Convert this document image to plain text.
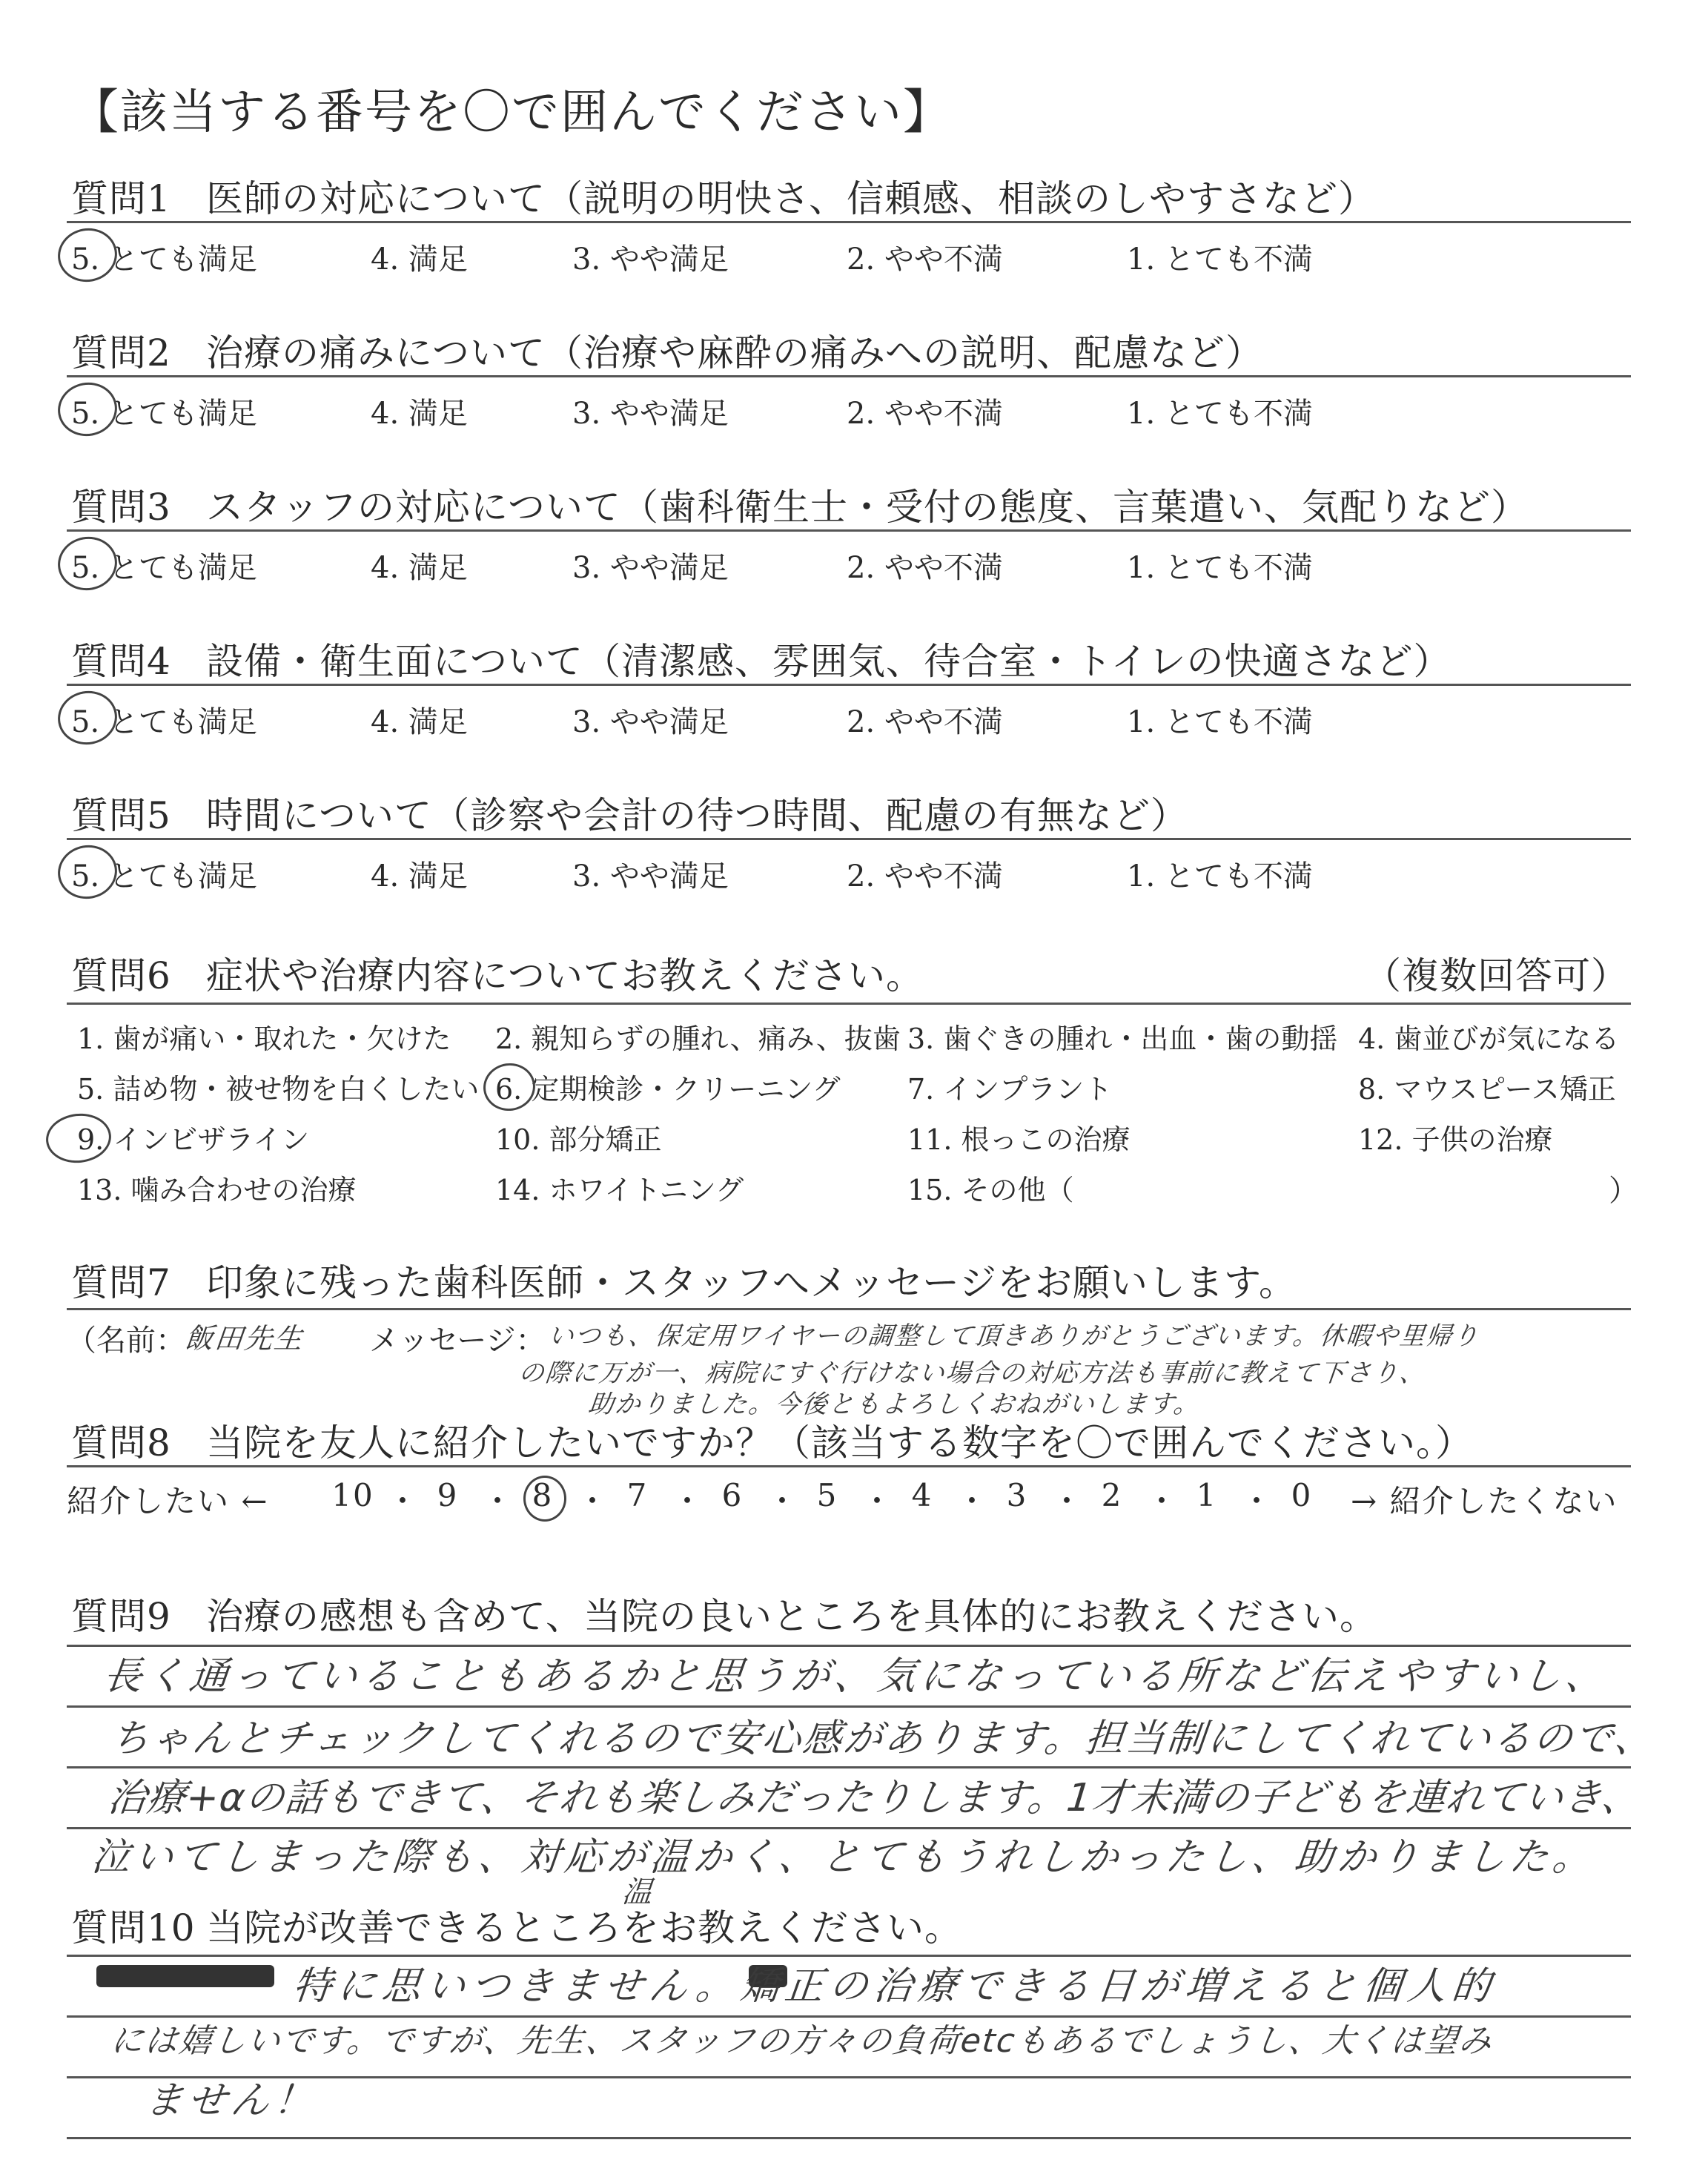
【該当する番号を〇で囲んでください】
質問1 医師の対応について（説明の明快さ、信頼感、相談のしやすさなど）
5. とても満足	4. 満足	3. やや満足	2. やや不満	1. とても不満
質問2 治療の痛みについて（治療や麻酔の痛みへの説明、配慮など）
5. とても満足	4. 満足	3. やや満足	2. やや不満	1. とても不満
質問3 スタッフの対応について（歯科衛生士・受付の態度、言葉遣い、気配りなど）
5. とても満足	4. 満足	3. やや満足	2. やや不満	1. とても不満
質問4 設備・衛生面について（清潔感、雰囲気、待合室・トイレの快適さなど）
5. とても満足	4. 満足	3. やや満足	2. やや不満	1. とても不満
質問5 時間について（診察や会計の待つ時間、配慮の有無など）
5. とても満足	4. 満足	3. やや満足	2. やや不満	1. とても不満
質問6 症状や治療内容についてお教えください。	（複数回答可）
1. 歯が痛い・取れた・欠けた 2. 親知らずの腫れ、痛み、抜歯 3. 歯ぐきの腫れ・出血・歯の動揺 4. 歯並びが気になる
5. 詰め物・被せ物を白くしたい 6. 定期検診・クリーニング 7. インプラント	8. マウスピース矯正
9. インビザライン	10. 部分矯正	11. 根っこの治療	12. 子供の治療
13. 噛み合わせの治療	14. ホワイトニング	15. その他（	）
質問7 印象に残った歯科医師・スタッフへメッセージをお願いします。
（名前：
飯田先生 メッセージ： いつも、保定用ワイヤーの調整して頂きありがとうございます。休暇や里帰り
の際に万が一、病院にすぐ行けない場合の対応方法も事前に教えて下さり、
助かりました。今後ともよろしくおねがいします。
質問8 当院を友人に紹介したいですか？（該当する数字を〇で囲んでください。）
紹介したい ← 10 ・ 9 ・ 8 ・ 7 ・ 6 ・ 5 ・ 4 ・ 3 ・ 2 ・ 1 ・ 0	→ 紹介したくない
質問9 治療の感想も含めて、当院の良いところを具体的にお教えください。
長く通っていることもあるかと思うが、気になっている所など伝えやすいし、
ちゃんとチェックしてくれるので安心感があります。担当制にしてくれているので、
治療+αの話もできて、それも楽しみだったりします。1才未満の子どもを連れていき、
泣いてしまった際も、対応が温かく、とてもうれしかったし、助かりました。
温
質問10 当院が改善できるところをお教えください。
特に思いつきません。矯正の治療できる日が増えると個人的
には嬉しいです。ですが、先生、スタッフの方々の負荷etcもあるでしょうし、大くは望み
ません！
